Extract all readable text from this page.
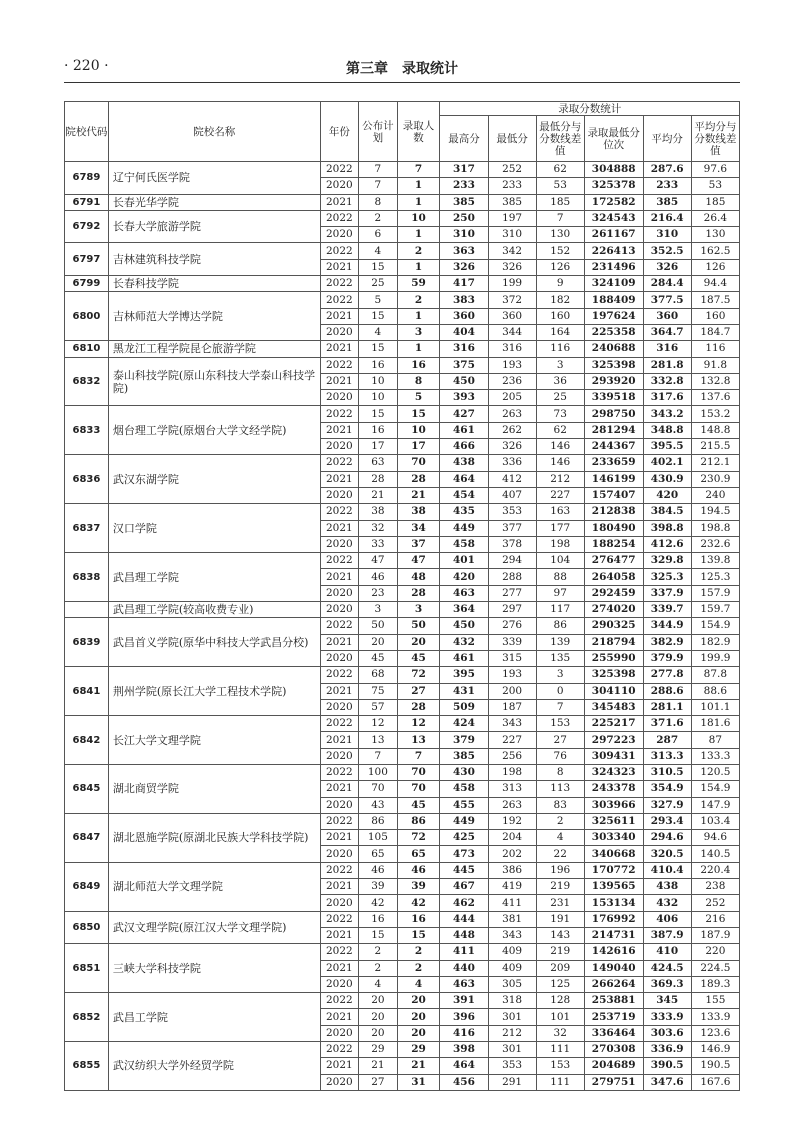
· 220 ·	第三章　录取统计
院校代码	院校名称	年份	公布计划	录取人数	录取分数统计					
					最高分	最低分	最低分与分数线差值	录取最低分位次	平均分	平均分与分数线差值
6789	辽宁何氏医学院	2022	7	7	317	252	62	304888	287.6	97.6
		2020	7	1	233	233	53	325378	233	53
6791	长春光华学院	2021	8	1	385	385	185	172582	385	185
6792	长春大学旅游学院	2022	2	10	250	197	7	324543	216.4	26.4
		2020	6	1	310	310	130	261167	310	130
6797	吉林建筑科技学院	2022	4	2	363	342	152	226413	352.5	162.5
		2021	15	1	326	326	126	231496	326	126
6799	长春科技学院	2022	25	59	417	199	9	324109	284.4	94.4
6800	吉林师范大学博达学院	2022	5	2	383	372	182	188409	377.5	187.5
		2021	15	1	360	360	160	197624	360	160
		2020	4	3	404	344	164	225358	364.7	184.7
6810	黑龙江工程学院昆仑旅游学院	2021	15	1	316	316	116	240688	316	116
6832	泰山科技学院(原山东科技大学泰山科技学院)	2022	16	16	375	193	3	325398	281.8	91.8
		2021	10	8	450	236	36	293920	332.8	132.8
		2020	10	5	393	205	25	339518	317.6	137.6
6833	烟台理工学院(原烟台大学文经学院)	2022	15	15	427	263	73	298750	343.2	153.2
		2021	16	10	461	262	62	281294	348.8	148.8
		2020	17	17	466	326	146	244367	395.5	215.5
6836	武汉东湖学院	2022	63	70	438	336	146	233659	402.1	212.1
		2021	28	28	464	412	212	146199	430.9	230.9
		2020	21	21	454	407	227	157407	420	240
6837	汉口学院	2022	38	38	435	353	163	212838	384.5	194.5
		2021	32	34	449	377	177	180490	398.8	198.8
		2020	33	37	458	378	198	188254	412.6	232.6
6838	武昌理工学院	2022	47	47	401	294	104	276477	329.8	139.8
		2021	46	48	420	288	88	264058	325.3	125.3
		2020	23	28	463	277	97	292459	337.9	157.9
	武昌理工学院(较高收费专业)	2020	3	3	364	297	117	274020	339.7	159.7
6839	武昌首义学院(原华中科技大学武昌分校)	2022	50	50	450	276	86	290325	344.9	154.9
		2021	20	20	432	339	139	218794	382.9	182.9
		2020	45	45	461	315	135	255990	379.9	199.9
6841	荆州学院(原长江大学工程技术学院)	2022	68	72	395	193	3	325398	277.8	87.8
		2021	75	27	431	200	0	304110	288.6	88.6
		2020	57	28	509	187	7	345483	281.1	101.1
6842	长江大学文理学院	2022	12	12	424	343	153	225217	371.6	181.6
		2021	13	13	379	227	27	297223	287	87
		2020	7	7	385	256	76	309431	313.3	133.3
6845	湖北商贸学院	2022	100	70	430	198	8	324323	310.5	120.5
		2021	70	70	458	313	113	243378	354.9	154.9
		2020	43	45	455	263	83	303966	327.9	147.9
6847	湖北恩施学院(原湖北民族大学科技学院)	2022	86	86	449	192	2	325611	293.4	103.4
		2021	105	72	425	204	4	303340	294.6	94.6
		2020	65	65	473	202	22	340668	320.5	140.5
6849	湖北师范大学文理学院	2022	46	46	445	386	196	170772	410.4	220.4
		2021	39	39	467	419	219	139565	438	238
		2020	42	42	462	411	231	153134	432	252
6850	武汉文理学院(原江汉大学文理学院)	2022	16	16	444	381	191	176992	406	216
		2021	15	15	448	343	143	214731	387.9	187.9
6851	三峡大学科技学院	2022	2	2	411	409	219	142616	410	220
		2021	2	2	440	409	209	149040	424.5	224.5
		2020	4	4	463	305	125	266264	369.3	189.3
6852	武昌工学院	2022	20	20	391	318	128	253881	345	155
		2021	20	20	396	301	101	253719	333.9	133.9
		2020	20	20	416	212	32	336464	303.6	123.6
6855	武汉纺织大学外经贸学院	2022	29	29	398	301	111	270308	336.9	146.9
		2021	21	21	464	353	153	204689	390.5	190.5
		2020	27	31	456	291	111	279751	347.6	167.6
